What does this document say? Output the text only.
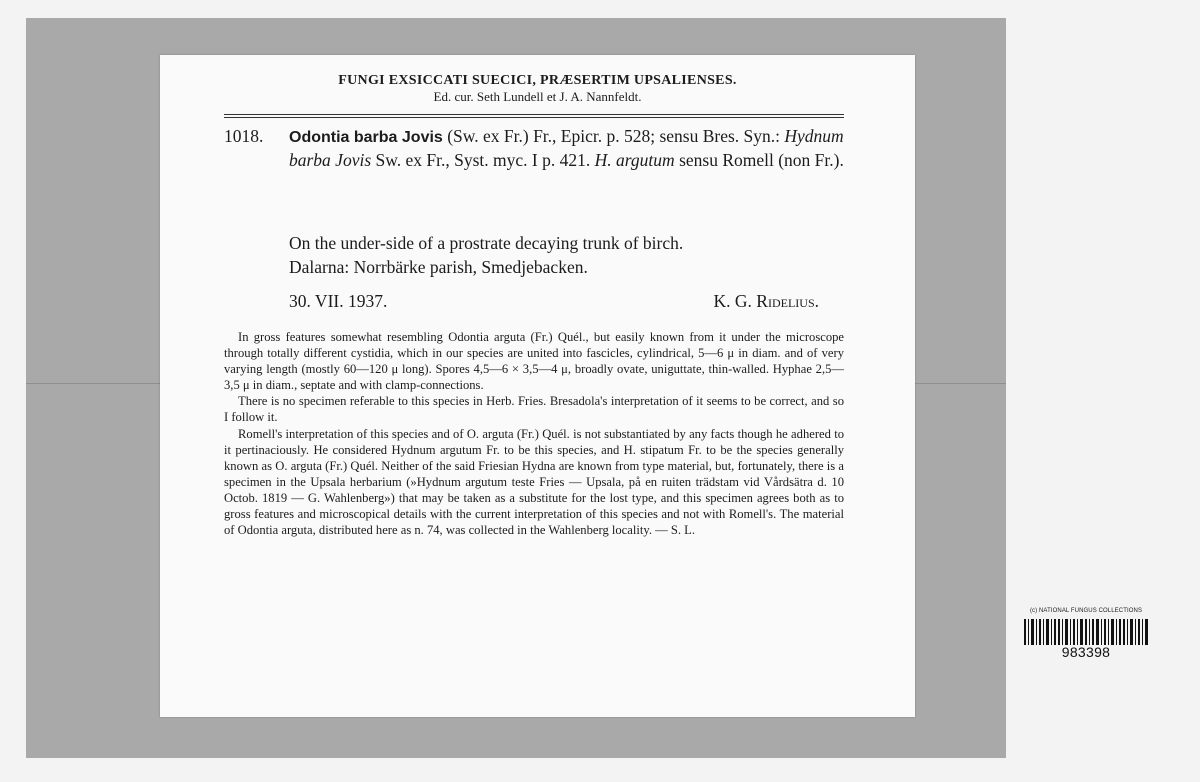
FUNGI EXSICCATI SUECICI, PRÆSERTIM UPSALIENSES.
Ed. cur. Seth Lundell et J. A. Nannfeldt.
1018.	Odontia barba Jovis (Sw. ex Fr.) Fr., Epicr. p. 528; sensu Bres. Syn.: Hydnum barba Jovis Sw. ex Fr., Syst. myc. I p. 421. H. argutum sensu Romell (non Fr.).
On the under-side of a prostrate decaying trunk of birch.
Dalarna: Norrbärke parish, Smedjebacken.
30. VII. 1937.	K. G. Ridelius.

In gross features somewhat resembling Odontia arguta (Fr.) Quél., but easily known from it under the microscope through totally different cystidia, which in our species are united into fascicles, cylindrical, 5—6 μ in diam. and of very varying length (mostly 60—120 μ long). Spores 4,5—6 × 3,5—4 μ, broadly ovate, uniguttate, thin-walled. Hyphae 2,5—3,5 μ in diam., septate and with clamp-connections.

There is no specimen referable to this species in Herb. Fries. Bresadola's interpretation of it seems to be correct, and so I follow it.

Romell's interpretation of this species and of O. arguta (Fr.) Quél. is not substantiated by any facts though he adhered to it pertinaciously. He considered Hydnum argutum Fr. to be this species, and H. stipatum Fr. to be the species generally known as O. arguta (Fr.) Quél. Neither of the said Friesian Hydna are known from type material, but, fortunately, there is a specimen in the Upsala herbarium (»Hydnum argutum teste Fries — Upsala, på en ruiten trädstam vid Vårdsätra d. 10 Octob. 1819 — G. Wahlenberg») that may be taken as a substitute for the lost type, and this specimen agrees both as to gross features and microscopical details with the current interpretation of this species and not with Romell's. The material of Odontia arguta, distributed here as n. 74, was collected in the Wahlenberg locality. — S. L.

(c) NATIONAL FUNGUS COLLECTIONS
983398
